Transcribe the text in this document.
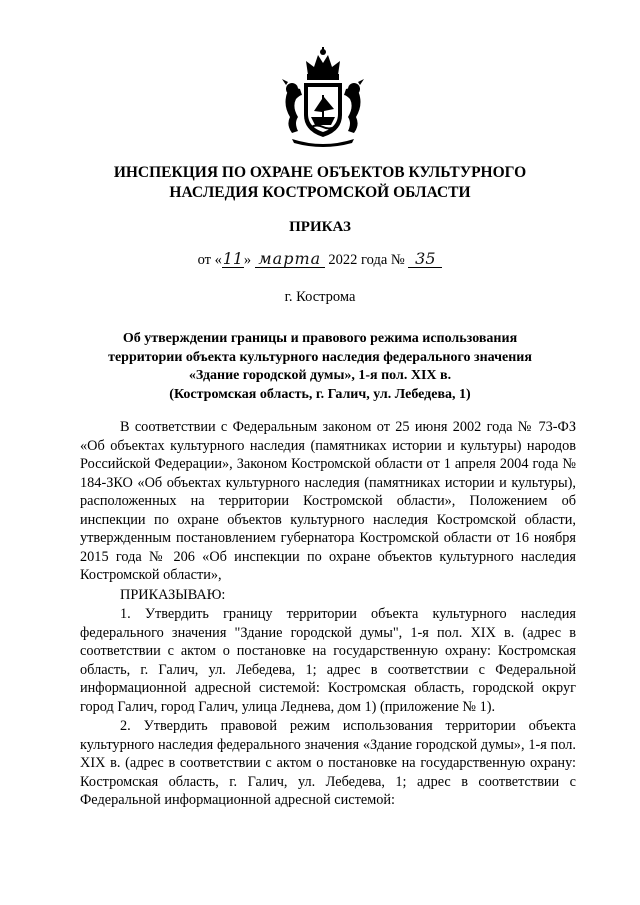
ИНСПЕКЦИЯ ПО ОХРАНЕ ОБЪЕКТОВ КУЛЬТУРНОГО
НАСЛЕДИЯ КОСТРОМСКОЙ ОБЛАСТИ
ПРИКАЗ
от «11» марта 2022 года № 35
г. Кострома
Об утверждении границы и правового режима использования
территории объекта культурного наследия федерального значения
«Здание городской думы», 1-я пол. XIX в.
(Костромская область, г. Галич, ул. Лебедева, 1)

В соответствии с Федеральным законом от 25 июня 2002 года № 73-ФЗ «Об объектах культурного наследия (памятниках истории и культуры) народов Российской Федерации», Законом Костромской области от 1 апреля 2004 года № 184-ЗКО «Об объектах культурного наследия (памятниках истории и культуры), расположенных на территории Костромской области», Положением об инспекции по охране объектов культурного наследия Костромской области, утвержденным постановлением губернатора Костромской области от 16 ноября 2015 года № 206 «Об инспекции по охране объектов культурного наследия Костромской области»,

ПРИКАЗЫВАЮ:

1. Утвердить границу территории объекта культурного наследия федерального значения "Здание городской думы", 1-я пол. XIX в. (адрес в соответствии с актом о постановке на государственную охрану: Костромская область, г. Галич, ул. Лебедева, 1; адрес в соответствии с Федеральной информационной адресной системой: Костромская область, городской округ город Галич, город Галич, улица Леднева, дом 1) (приложение № 1).

2. Утвердить правовой режим использования территории объекта культурного наследия федерального значения «Здание городской думы», 1-я пол. XIX в. (адрес в соответствии с актом о постановке на государственную охрану: Костромская область, г. Галич, ул. Лебедева, 1; адрес в соответствии с Федеральной информационной адресной системой:
